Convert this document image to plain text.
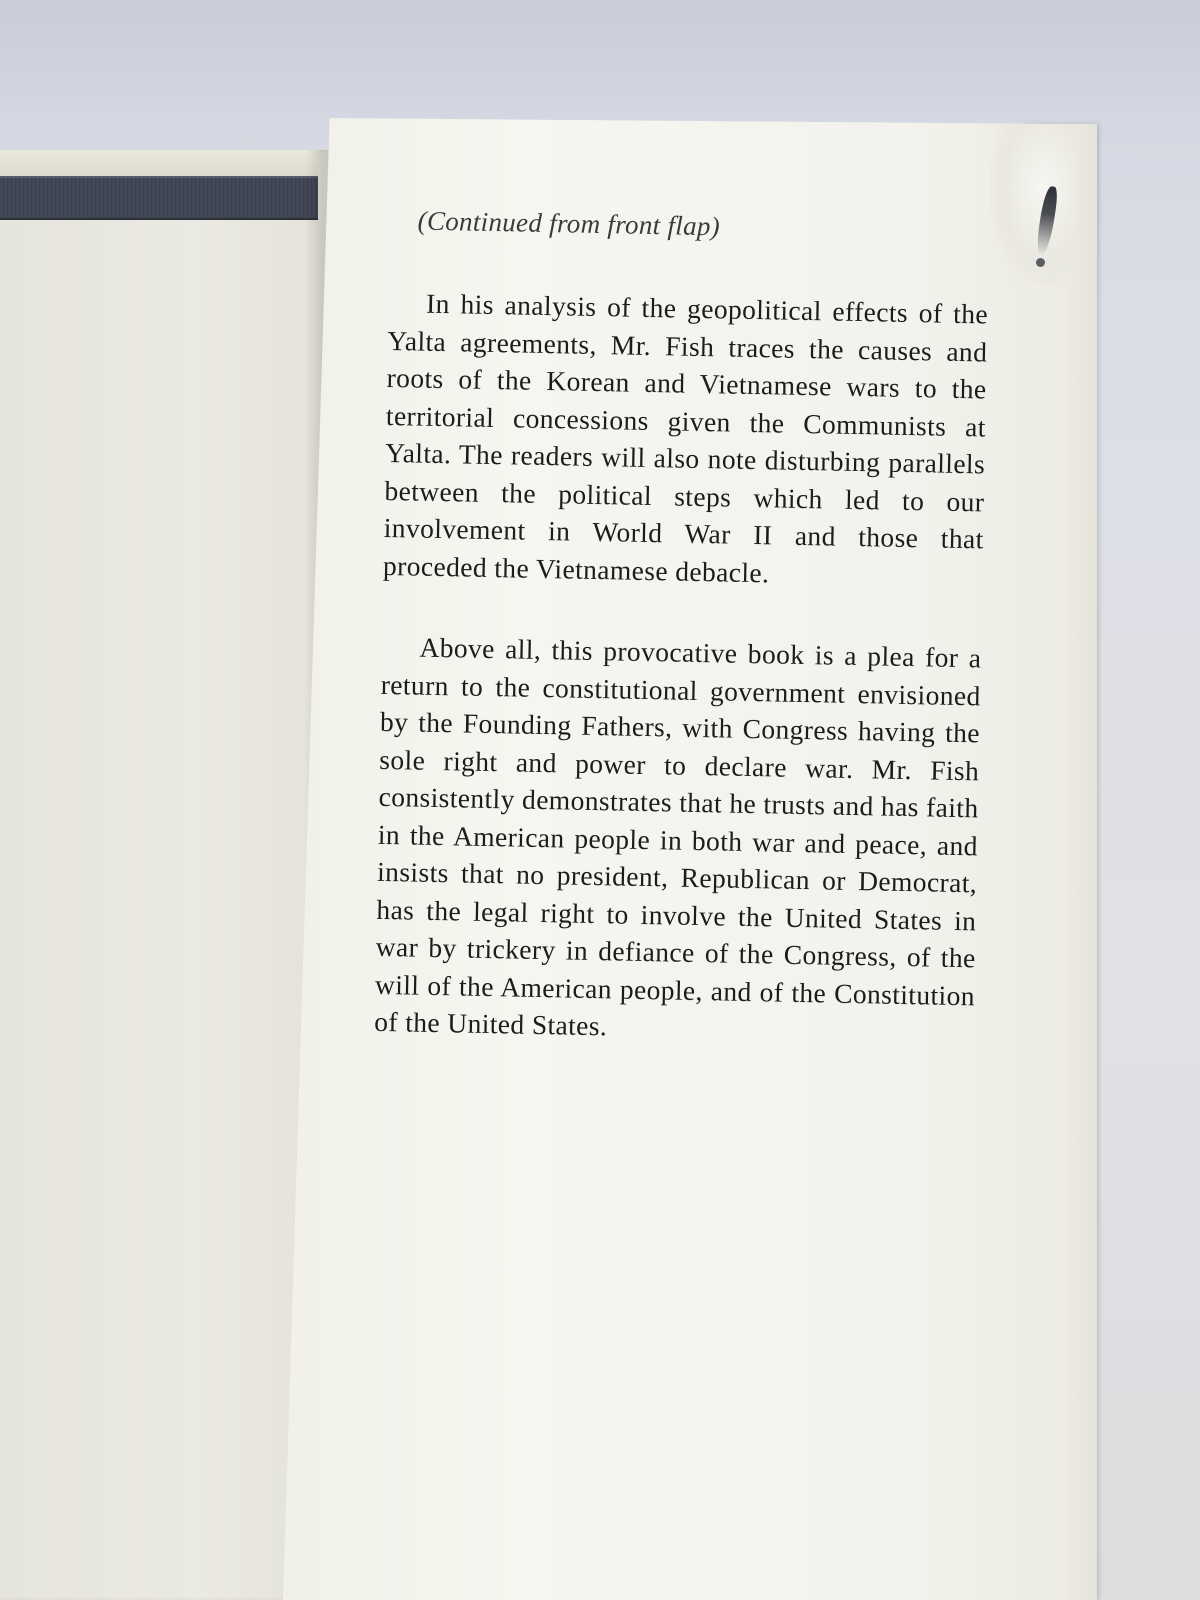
(Continued from front flap)

In his analysis of the geopolitical effects of the Yalta agreements, Mr. Fish traces the causes and roots of the Korean and Vietnamese wars to the territorial concessions given the Communists at Yalta. The readers will also note disturbing parallels between the political steps which led to our involvement in World War II and those that proceded the Vietnamese debacle.

Above all, this provocative book is a plea for a return to the constitutional government envisioned by the Founding Fathers, with Congress having the sole right and power to declare war. Mr. Fish consistently demonstrates that he trusts and has faith in the American people in both war and peace, and insists that no president, Republican or Democrat, has the legal right to involve the United States in war by trickery in defiance of the Congress, of the will of the American people, and of the Constitution of the United States.
